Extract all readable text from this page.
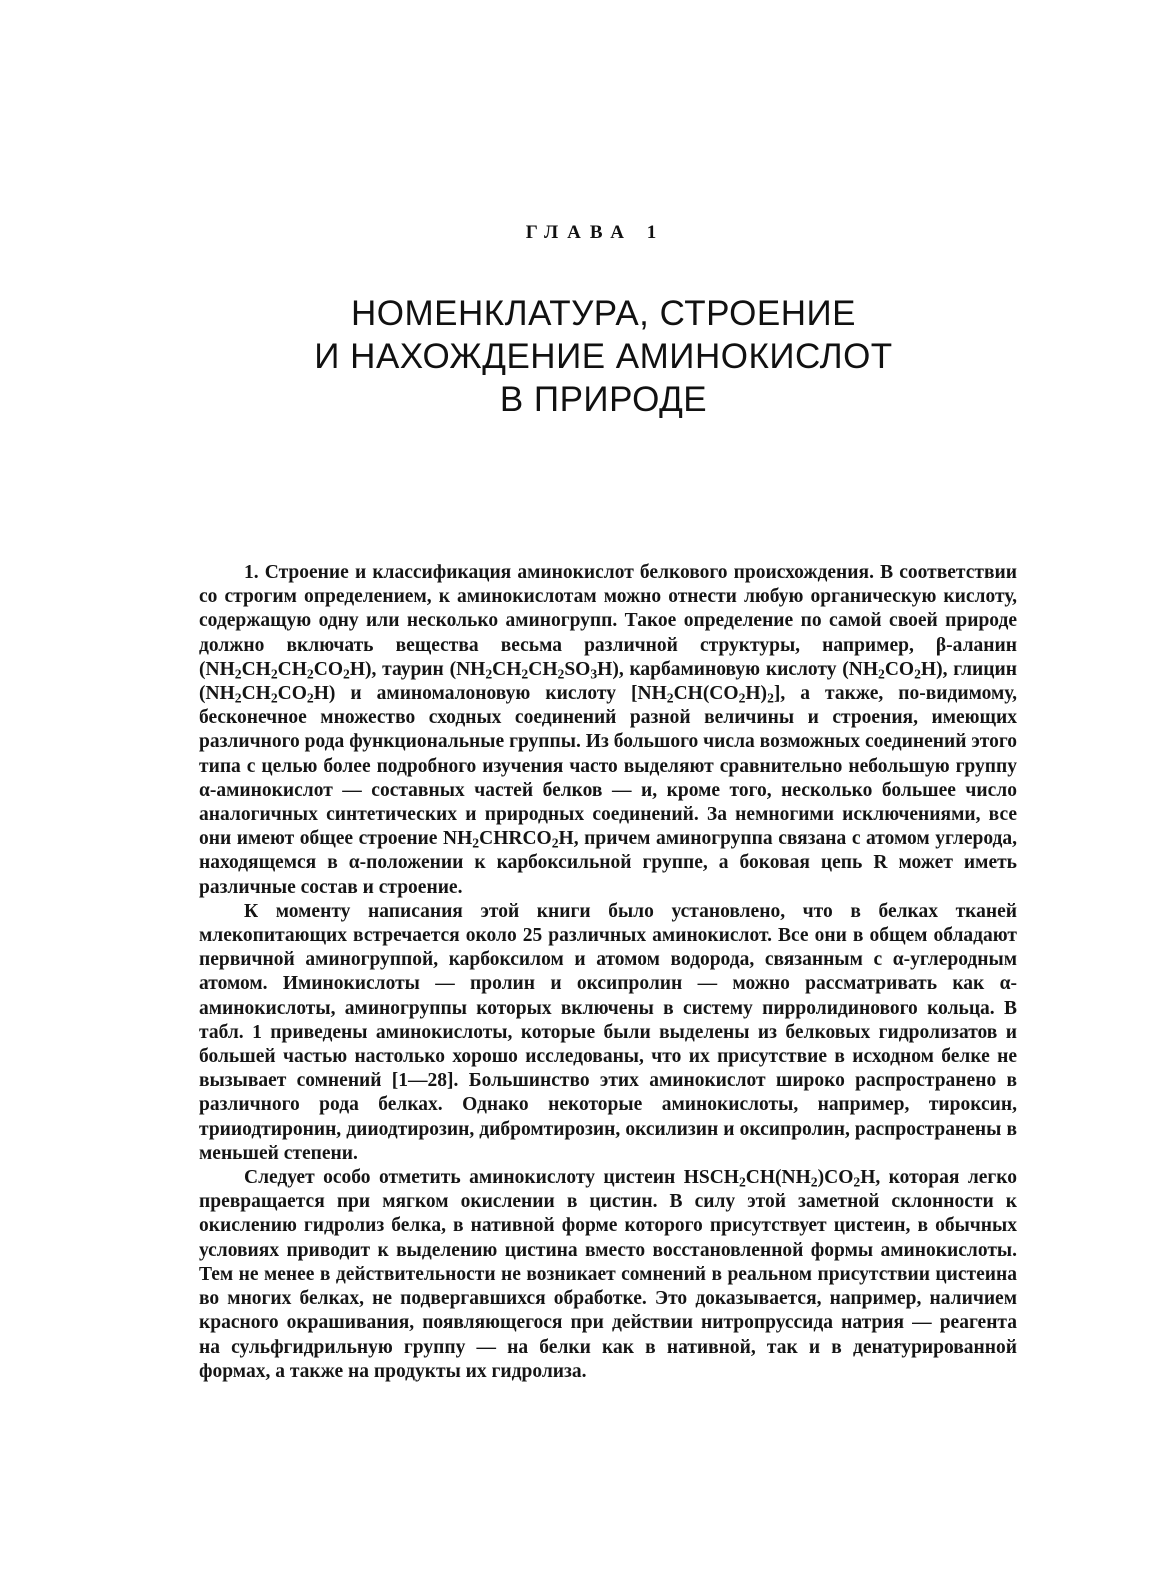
ГЛАВА 1
НОМЕНКЛАТУРА, СТРОЕНИЕ
И НАХОЖДЕНИЕ АМИНОКИСЛОТ
В ПРИРОДЕ

1. Строение и классификация аминокислот белкового происхождения. В соответствии со строгим определением, к аминокислотам можно отнести любую органическую кислоту, содержащую одну или несколько аминогрупп. Такое определение по самой своей природе должно включать вещества весьма различной структуры, например, β-аланин $(NH_2CH_2CH_2CO_2H)$, таурин $(NH_2CH_2CH_2SO_3H)$, карбаминовую кислоту $(NH_2CO_2H)$, глицин $(NH_2CH_2CO_2H)$ и аминомалоновую кислоту $[NH_2CH(CO_2H)_2]$, а также, по-видимому, бесконечное множество сходных соединений разной величины и строения, имеющих различного рода функциональные группы. Из большого числа возможных соединений этого типа с целью более подробного изучения часто выделяют сравнительно небольшую группу α-аминокислот — составных частей белков — и, кроме того, несколько большее число аналогичных синтетических и природных соединений. За немногими исключениями, все они имеют общее строение $NH_2CHRCO_2H$, причем аминогруппа связана с атомом углерода, находящемся в α-положении к карбоксильной группе, а боковая цепь R может иметь различные состав и строение.

К моменту написания этой книги было установлено, что в белках тканей млекопитающих встречается около 25 различных аминокислот. Все они в общем обладают первичной аминогруппой, карбоксилом и атомом водорода, связанным с α-углеродным атомом. Иминокислоты — пролин и оксипролин — можно рассматривать как α-аминокислоты, аминогруппы которых включены в систему пирролидинового кольца. В табл. 1 приведены аминокислоты, которые были выделены из белковых гидролизатов и большей частью настолько хорошо исследованы, что их присутствие в исходном белке не вызывает сомнений [1—28]. Большинство этих аминокислот широко распространено в различного рода белках. Однако некоторые аминокислоты, например, тироксин, трииодтиронин, дииодтирозин, дибромтирозин, оксилизин и оксипролин, распространены в меньшей степени.

Следует особо отметить аминокислоту цистеин $HSCH_2CH(NH_2)CO_2H$, которая легко превращается при мягком окислении в цистин. В силу этой заметной склонности к окислению гидролиз белка, в нативной форме которого присутствует цистеин, в обычных условиях приводит к выделению цистина вместо восстановленной формы аминокислоты. Тем не менее в действительности не возникает сомнений в реальном присутствии цистеина во многих белках, не подвергавшихся обработке. Это доказывается, например, наличием красного окрашивания, появляющегося при действии нитропруссида натрия — реагента на сульфгидрильную группу — на белки как в нативной, так и в денатурированной формах, а также на продукты их гидролиза.
